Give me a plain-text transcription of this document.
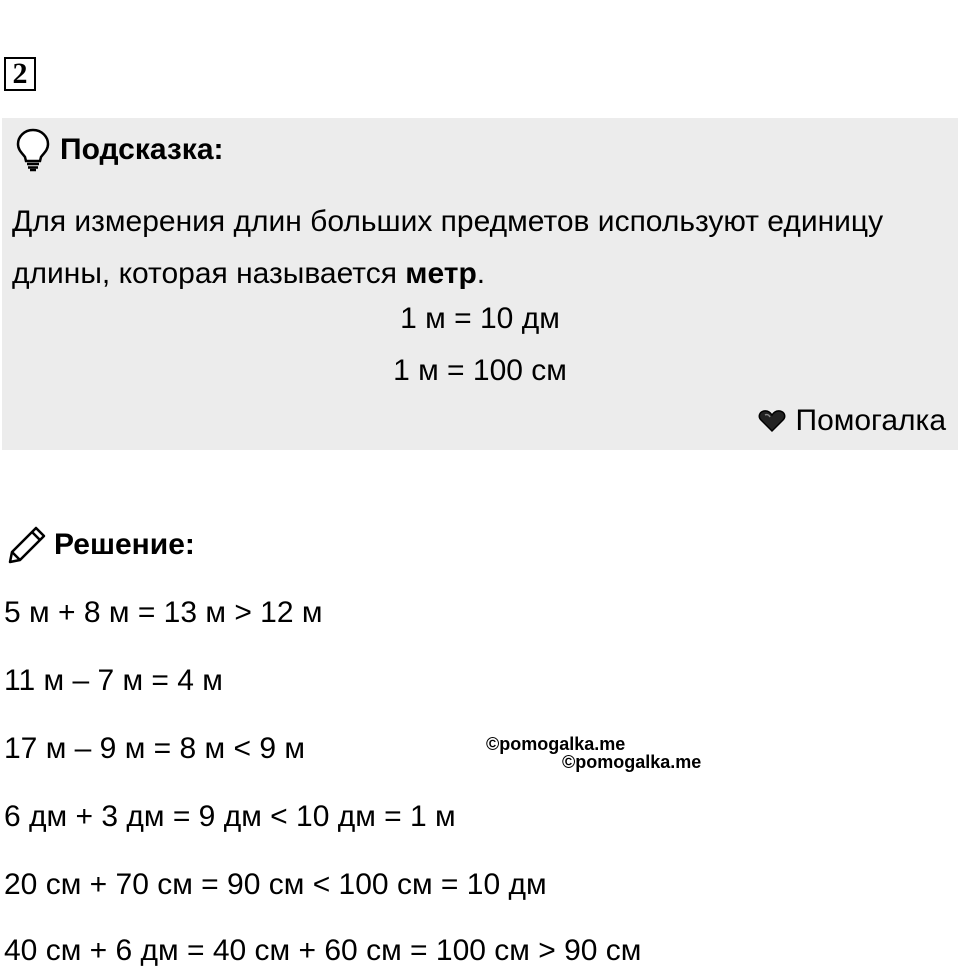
2
Подсказка:
Для измерения длин больших предметов используют единицу длины, которая называется метр.
1 м = 10 дм
1 м = 100 см
Помогалка
Решение:
5 м + 8 м = 13 м > 12 м
11 м – 7 м = 4 м
17 м – 9 м = 8 м < 9 м
6 дм + 3 дм = 9 дм < 10 дм = 1 м
20 см + 70 см = 90 см < 100 см = 10 дм
40 см + 6 дм = 40 см + 60 см = 100 см > 90 см
©pomogalka.me
©pomogalka.me
